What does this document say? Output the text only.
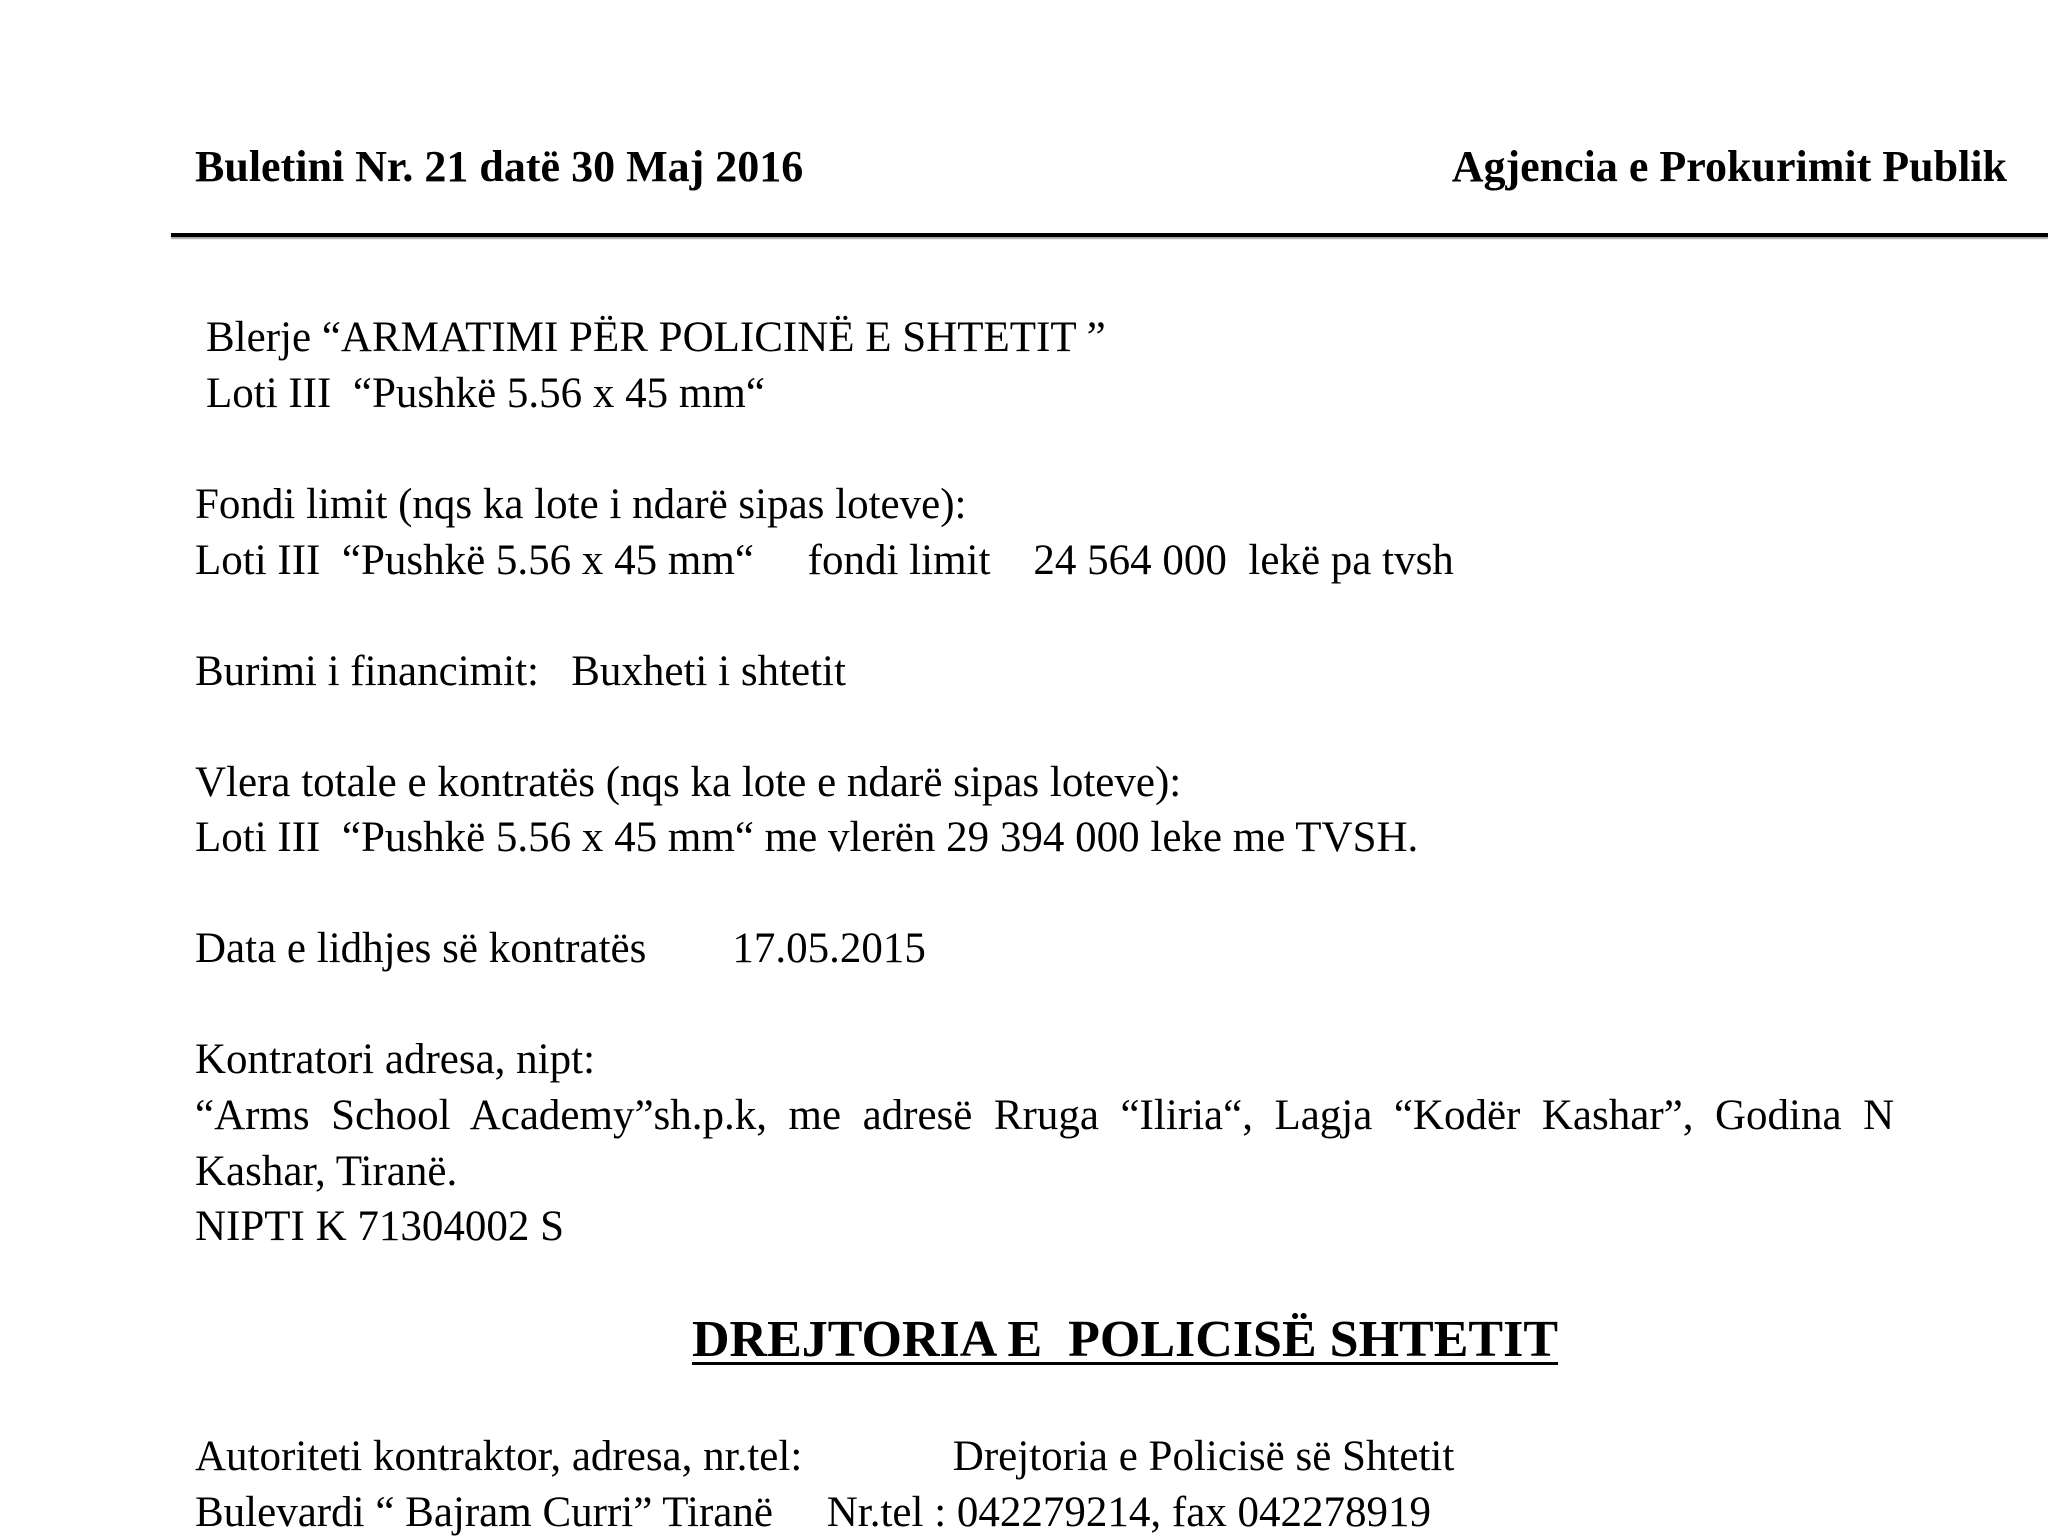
Buletini Nr. 21 datë 30 Maj 2016	Agjencia e Prokurimit Publik
Blerje “ARMATIMI PËR POLICINË E SHTETIT ”
Loti III  “Pushkë 5.56 x 45 mm“
Fondi limit (nqs ka lote i ndarë sipas loteve):
Loti III  “Pushkë 5.56 x 45 mm“     fondi limit    24 564 000  lekë pa tvsh
Burimi i financimit:   Buxheti i shtetit
Vlera totale e kontratës (nqs ka lote e ndarë sipas loteve):
Loti III  “Pushkë 5.56 x 45 mm“ me vlerën 29 394 000 leke me TVSH.
Data e lidhjes së kontratës        17.05.2015
Kontratori adresa, nipt:
“Arms  School  Academy”sh.p.k,  me  adresë  Rruga  “Iliria“,  Lagja  “Kodër  Kashar”,  Godina  N
Kashar, Tiranë.
NIPTI K 71304002 S
DREJTORIA E  POLICISË SHTETIT
Autoriteti kontraktor, adresa, nr.tel:              Drejtoria e Policisë së Shtetit
Bulevardi “ Bajram Curri” Tiranë     Nr.tel : 042279214, fax 042278919
